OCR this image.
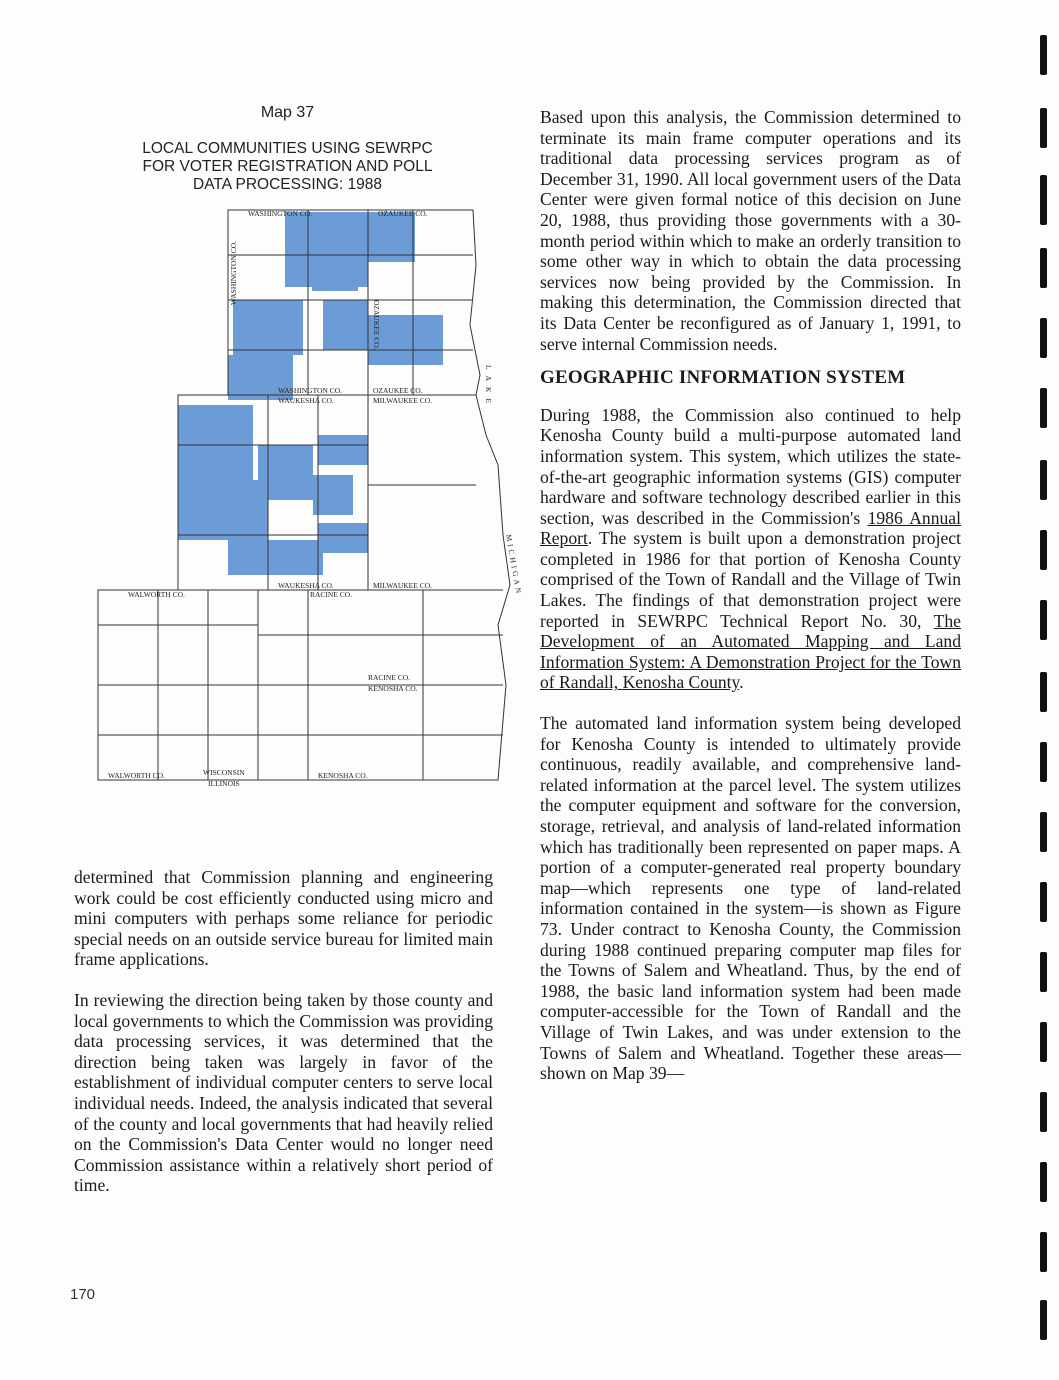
Map 37
LOCAL COMMUNITIES USING SEWRPC
FOR VOTER REGISTRATION AND POLL
DATA PROCESSING: 1988
WASHINGTON CO.	OZAUKEE CO.
WASHINGTON CO.
WAUKESHA CO.
OZAUKEE CO.
MILWAUKEE CO.
WAUKESHA CO.
RACINE CO.
MILWAUKEE CO.
WALWORTH CO.
RACINE CO.
KENOSHA CO.
WALWORTH CO.	KENOSHA CO.
WISCONSIN
ILLINOIS
WASHINGTON CO.
OZAUKEE CO.
LAKE
MICHIGAN

determined that Commission planning and engineering work could be cost efficiently conducted using micro and mini computers with perhaps some reliance for periodic special needs on an outside service bureau for limited main frame applications.

In reviewing the direction being taken by those county and local governments to which the Commission was providing data processing services, it was determined that the direction being taken was largely in favor of the establishment of individual computer centers to serve local individual needs. Indeed, the analysis indicated that several of the county and local governments that had heavily relied on the Commission's Data Center would no longer need Commission assistance within a relatively short period of time.

Based upon this analysis, the Commission determined to terminate its main frame computer operations and its traditional data processing services program as of December 31, 1990. All local government users of the Data Center were given formal notice of this decision on June 20, 1988, thus providing those governments with a 30-month period within which to make an orderly transition to some other way in which to obtain the data processing services now being provided by the Commission. In making this determination, the Commission directed that its Data Center be reconfigured as of January 1, 1991, to serve internal Commission needs.

GEOGRAPHIC INFORMATION SYSTEM

During 1988, the Commission also continued to help Kenosha County build a multi-purpose automated land information system. This system, which utilizes the state-of-the-art geographic information systems (GIS) computer hardware and software technology described earlier in this section, was described in the Commission's 1986 Annual Report. The system is built upon a demonstration project completed in 1986 for that portion of Kenosha County comprised of the Town of Randall and the Village of Twin Lakes. The findings of that demonstration project were reported in SEWRPC Technical Report No. 30, The Development of an Automated Mapping and Land Information System: A Demonstration Project for the Town of Randall, Kenosha County.

The automated land information system being developed for Kenosha County is intended to ultimately provide continuous, readily available, and comprehensive land-related information at the parcel level. The system utilizes the computer equipment and software for the conversion, storage, retrieval, and analysis of land-related information which has traditionally been represented on paper maps. A portion of a computer-generated real property boundary map—which represents one type of land-related information contained in the system—is shown as Figure 73. Under contract to Kenosha County, the Commission during 1988 continued preparing computer map files for the Towns of Salem and Wheatland. Thus, by the end of 1988, the basic land information system had been made computer-accessible for the Town of Randall and the Village of Twin Lakes, and was under extension to the Towns of Salem and Wheatland. Together these areas—shown on Map 39—

170
